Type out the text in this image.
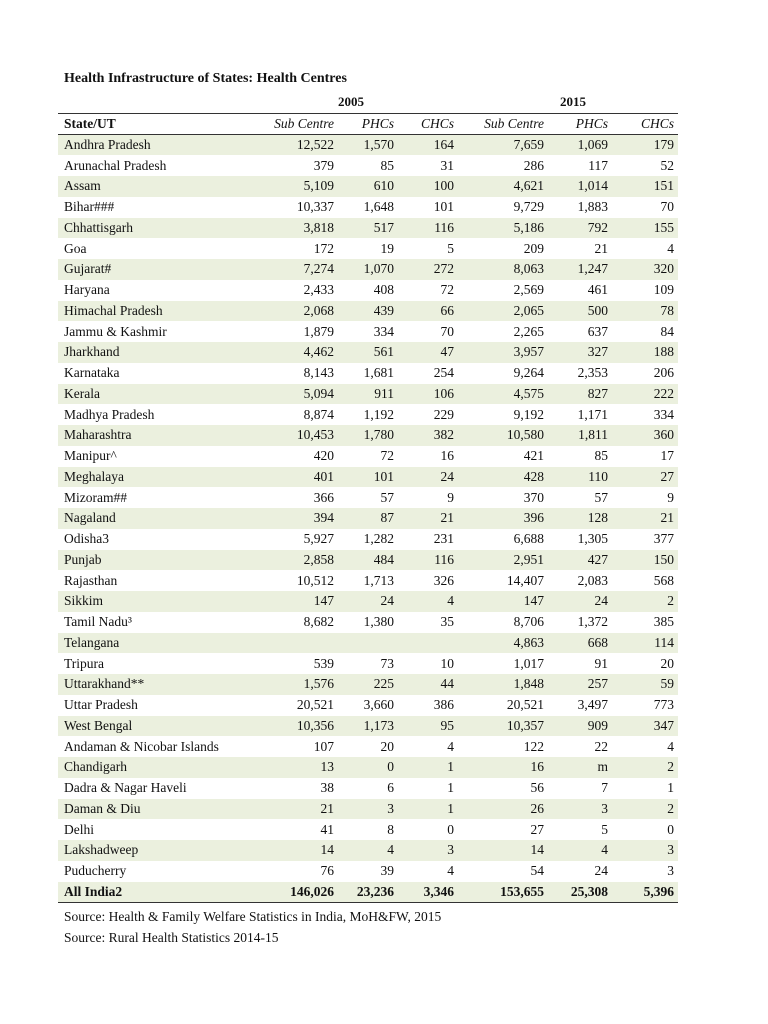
Health Infrastructure of States: Health Centres
2005	2015
State/UT	Sub Centre	PHCs	CHCs	Sub Centre	PHCs	CHCs
Andhra Pradesh	12,522	1,570	164	7,659	1,069	179
Arunachal Pradesh	379	85	31	286	117	52
Assam	5,109	610	100	4,621	1,014	151
Bihar###	10,337	1,648	101	9,729	1,883	70
Chhattisgarh	3,818	517	116	5,186	792	155
Goa	172	19	5	209	21	4
Gujarat#	7,274	1,070	272	8,063	1,247	320
Haryana	2,433	408	72	2,569	461	109
Himachal Pradesh	2,068	439	66	2,065	500	78
Jammu & Kashmir	1,879	334	70	2,265	637	84
Jharkhand	4,462	561	47	3,957	327	188
Karnataka	8,143	1,681	254	9,264	2,353	206
Kerala	5,094	911	106	4,575	827	222
Madhya Pradesh	8,874	1,192	229	9,192	1,171	334
Maharashtra	10,453	1,780	382	10,580	1,811	360
Manipur^	420	72	16	421	85	17
Meghalaya	401	101	24	428	110	27
Mizoram##	366	57	9	370	57	9
Nagaland	394	87	21	396	128	21
Odisha3	5,927	1,282	231	6,688	1,305	377
Punjab	2,858	484	116	2,951	427	150
Rajasthan	10,512	1,713	326	14,407	2,083	568
Sikkim	147	24	4	147	24	2
Tamil Nadu³	8,682	1,380	35	8,706	1,372	385
Telangana				4,863	668	114
Tripura	539	73	10	1,017	91	20
Uttarakhand**	1,576	225	44	1,848	257	59
Uttar Pradesh	20,521	3,660	386	20,521	3,497	773
West Bengal	10,356	1,173	95	10,357	909	347
Andaman & Nicobar Islands	107	20	4	122	22	4
Chandigarh	13	0	1	16	m	2
Dadra & Nagar Haveli	38	6	1	56	7	1
Daman & Diu	21	3	1	26	3	2
Delhi	41	8	0	27	5	0
Lakshadweep	14	4	3	14	4	3
Puducherry	76	39	4	54	24	3
All India2	146,026	23,236	3,346	153,655	25,308	5,396
Source: Health & Family Welfare Statistics in India, MoH&FW, 2015
Source: Rural Health Statistics 2014-15
